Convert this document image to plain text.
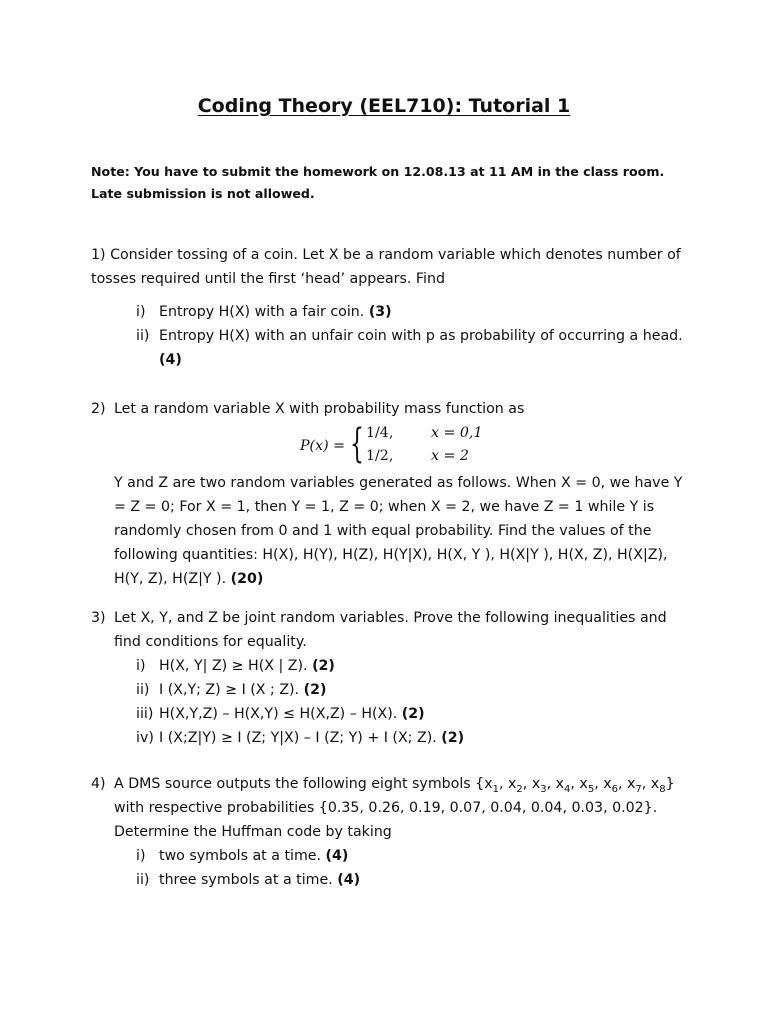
Coding Theory (EEL710): Tutorial 1
Note: You have to submit the homework on 12.08.13 at 11 AM in the class room. Late submission is not allowed.

1) Consider tossing of a coin. Let X be a random variable which denotes number of tosses required until the first ‘head’ appears. Find

i) Entropy H(X) with a fair coin. (3)

ii) Entropy H(X) with an unfair coin with p as probability of occurring a head. (4)

2) Let a random variable X with probability mass function as

P(x) = { 1/4,	x = 0,1
1/2,	x = 2

Y and Z are two random variables generated as follows. When X = 0, we have Y = Z = 0; For X = 1, then Y = 1, Z = 0; when X = 2, we have Z = 1 while Y is randomly chosen from 0 and 1 with equal probability. Find the values of the following quantities: H(X), H(Y), H(Z), H(Y|X), H(X, Y ), H(X|Y ), H(X, Z), H(X|Z), H(Y, Z), H(Z|Y ). (20)

3) Let X, Y, and Z be joint random variables. Prove the following inequalities and find conditions for equality.

i) H(X, Y| Z) ≥ H(X | Z). (2)

ii) I (X,Y; Z) ≥ I (X ; Z). (2)

iii) H(X,Y,Z) – H(X,Y) ≤ H(X,Z) – H(X). (2)

iv) I (X;Z|Y) ≥ I (Z; Y|X) – I (Z; Y) + I (X; Z). (2)

4) A DMS source outputs the following eight symbols {$x_1$, $x_2$, $x_3$, $x_4$, $x_5$, $x_6$, $x_7$, $x_8$} with respective probabilities {0.35, 0.26, 0.19, 0.07, 0.04, 0.04, 0.03, 0.02}. Determine the Huffman code by taking

i) two symbols at a time. (4)

ii) three symbols at a time. (4)
